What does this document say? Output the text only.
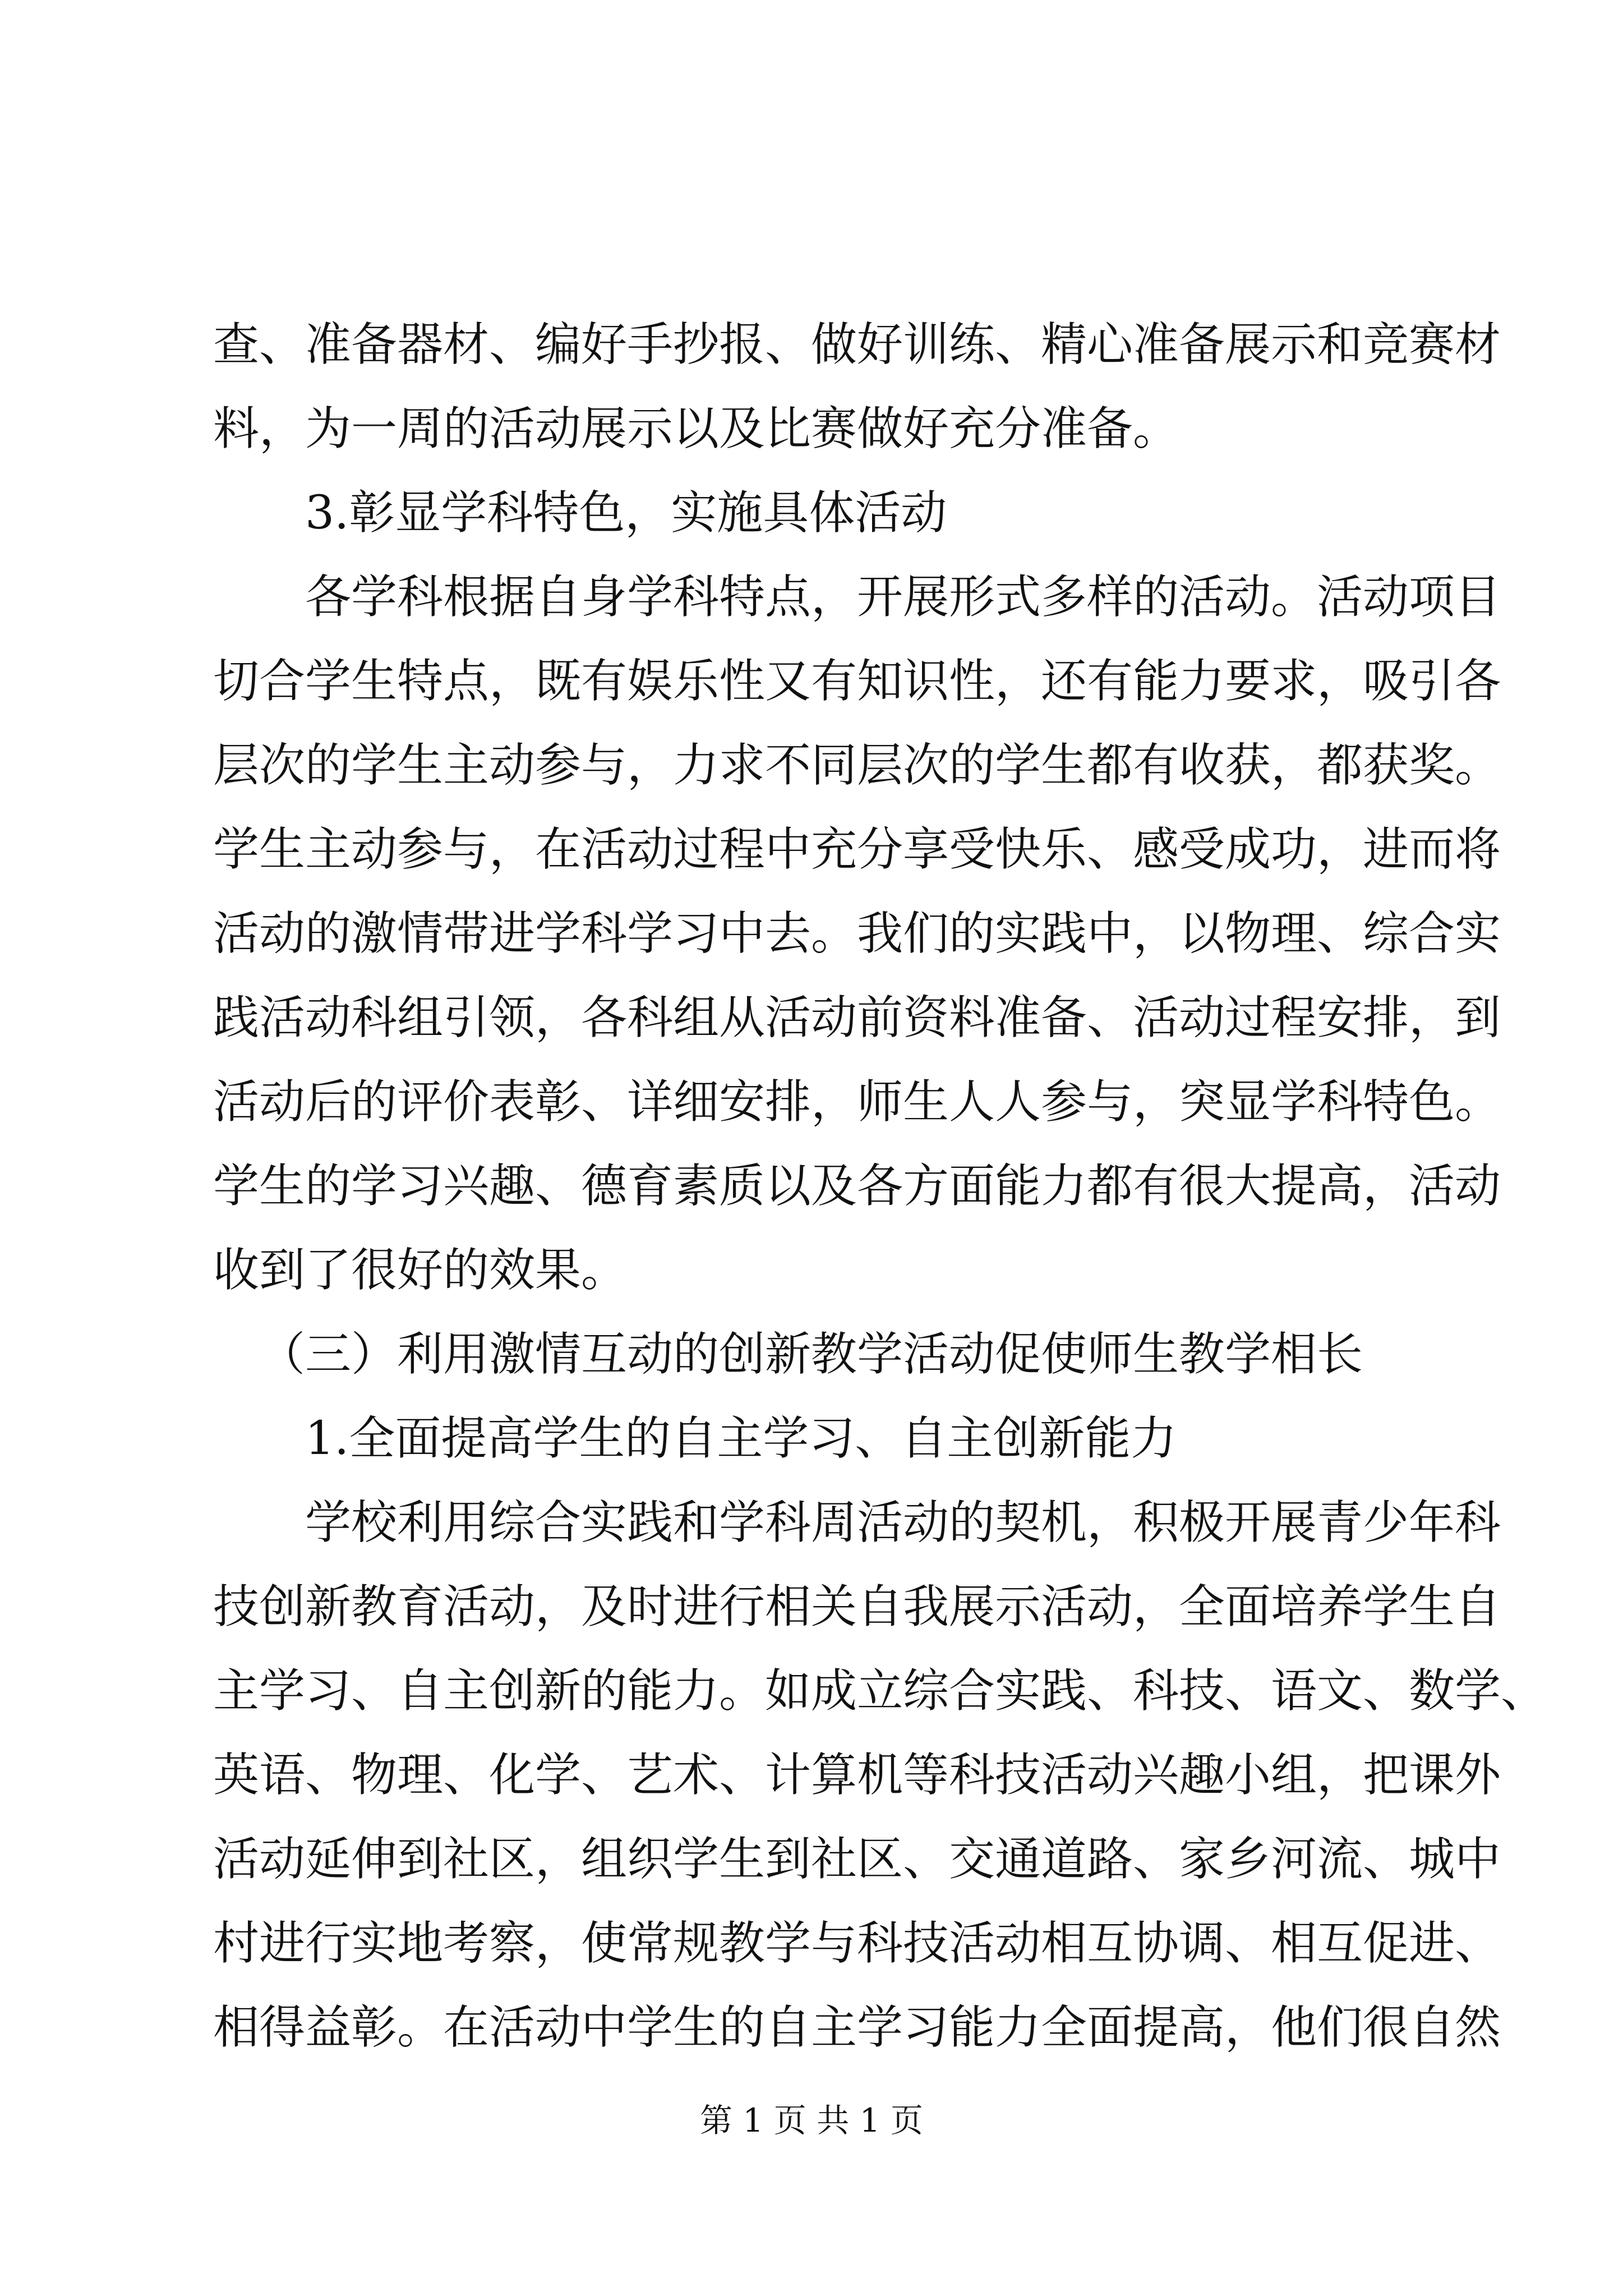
查、准备器材、编好手抄报、做好训练、精心准备展示和竞赛材
料，为一周的活动展示以及比赛做好充分准备。
3.彰显学科特色，实施具体活动
各学科根据自身学科特点，开展形式多样的活动。活动项目
切合学生特点，既有娱乐性又有知识性，还有能力要求，吸引各
层次的学生主动参与，力求不同层次的学生都有收获，都获奖。
学生主动参与，在活动过程中充分享受快乐、感受成功，进而将
活动的激情带进学科学习中去。我们的实践中，以物理、综合实
践活动科组引领，各科组从活动前资料准备、活动过程安排，到
活动后的评价表彰、详细安排，师生人人参与，突显学科特色。
学生的学习兴趣、德育素质以及各方面能力都有很大提高，活动
收到了很好的效果。
（三）利用激情互动的创新教学活动促使师生教学相长
1.全面提高学生的自主学习、自主创新能力
学校利用综合实践和学科周活动的契机，积极开展青少年科
技创新教育活动，及时进行相关自我展示活动，全面培养学生自
主学习、自主创新的能力。如成立综合实践、科技、语文、数学、
英语、物理、化学、艺术、计算机等科技活动兴趣小组，把课外
活动延伸到社区，组织学生到社区、交通道路、家乡河流、城中
村进行实地考察，使常规教学与科技活动相互协调、相互促进、
相得益彰。在活动中学生的自主学习能力全面提高，他们很自然
第 1 页 共 1 页
